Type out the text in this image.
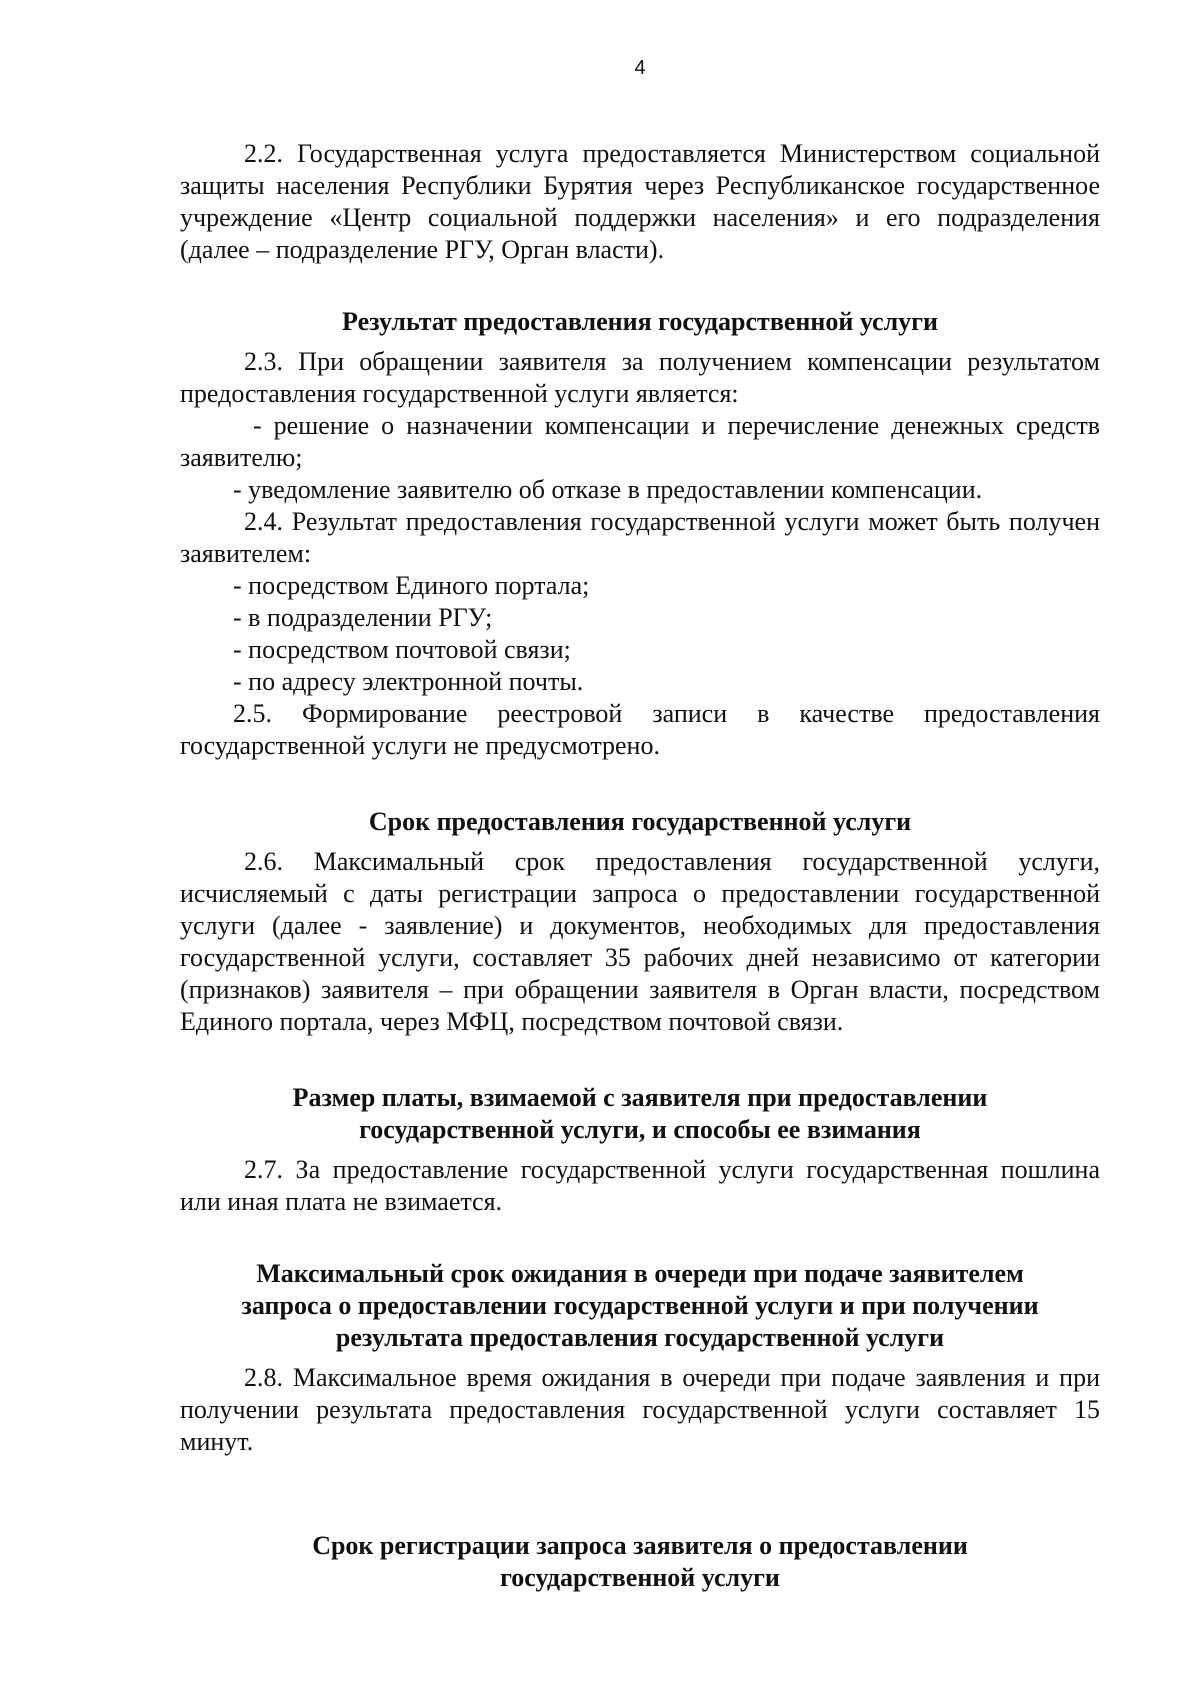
4

2.2. Государственная услуга предоставляется Министерством социальной защиты населения Республики Бурятия через Республиканское государственное учреждение «Центр социальной поддержки населения» и его подразделения (далее – подразделение РГУ, Орган власти).

Результат предоставления государственной услуги

2.3. При обращении заявителя за получением компенсации результатом предоставления государственной услуги является:

- решение о назначении компенсации и перечисление денежных средств заявителю;

- уведомление заявителю об отказе в предоставлении компенсации.

2.4. Результат предоставления государственной услуги может быть получен заявителем:

- посредством Единого портала;

- в подразделении РГУ;

- посредством почтовой связи;

- по адресу электронной почты.

2.5. Формирование реестровой записи в качестве предоставления государственной услуги не предусмотрено.

Срок предоставления государственной услуги

2.6. Максимальный срок предоставления государственной услуги, исчисляемый с даты регистрации запроса о предоставлении государственной услуги (далее - заявление) и документов, необходимых для предоставления государственной услуги, составляет 35 рабочих дней независимо от категории (признаков) заявителя – при обращении заявителя в Орган власти, посредством Единого портала, через МФЦ, посредством почтовой связи.

Размер платы, взимаемой с заявителя при предоставлении

государственной услуги, и способы ее взимания

2.7. За предоставление государственной услуги государственная пошлина или иная плата не взимается.

Максимальный срок ожидания в очереди при подаче заявителем

запроса о предоставлении государственной услуги и при получении

результата предоставления государственной услуги

2.8. Максимальное время ожидания в очереди при подаче заявления и при получении результата предоставления государственной услуги составляет 15 минут.

Срок регистрации запроса заявителя о предоставлении

государственной услуги
